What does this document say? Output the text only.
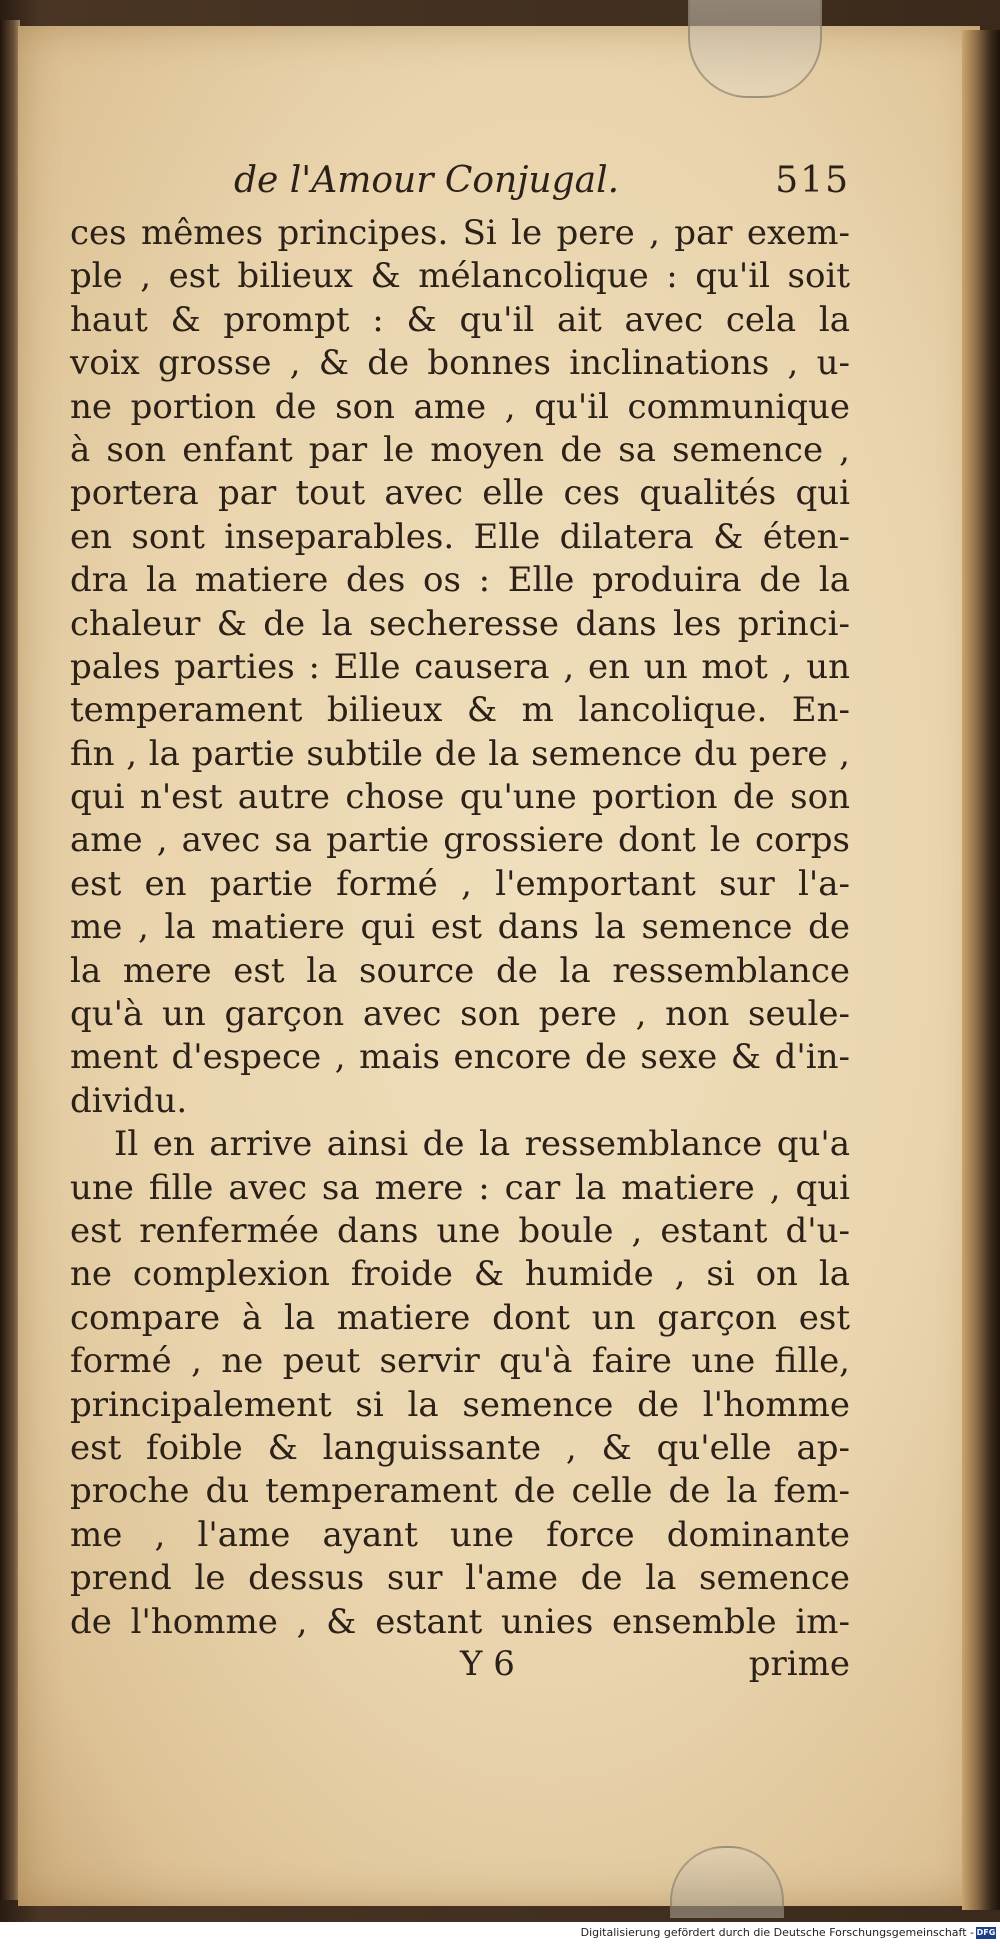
de l'Amour Conjugal.	515
ces mêmes principes. Si le pere , par exem-
ple , est bilieux & mélancolique : qu'il soit
haut & prompt : & qu'il ait avec cela la
voix grosse , & de bonnes inclinations , u-
ne portion de son ame , qu'il communique
à son enfant par le moyen de sa semence ,
portera par tout avec elle ces qualités qui
en sont inseparables. Elle dilatera & éten-
dra la matiere des os : Elle produira de la
chaleur & de la secheresse dans les princi-
pales parties : Elle causera , en un mot , un
temperament bilieux & m lancolique. En-
fin , la partie subtile de la semence du pere ,
qui n'est autre chose qu'une portion de son
ame , avec sa partie grossiere dont le corps
est en partie formé , l'emportant sur l'a-
me , la matiere qui est dans la semence de
la mere est la source de la ressemblance
qu'à un garçon avec son pere , non seule-
ment d'espece , mais encore de sexe & d'in-
dividu.
Il en arrive ainsi de la ressemblance qu'a
une fille avec sa mere : car la matiere , qui
est renfermée dans une boule , estant d'u-
ne complexion froide & humide , si on la
compare à la matiere dont un garçon est
formé , ne peut servir qu'à faire une fille,
principalement si la semence de l'homme
est foible & languissante , & qu'elle ap-
proche du temperament de celle de la fem-
me , l'ame ayant une force dominante
prend le dessus sur l'ame de la semence
de l'homme , & estant unies ensemble im-
Y 6	prime
Digitalisierung gefördert durch die Deutsche Forschungsgemeinschaft - DFG
